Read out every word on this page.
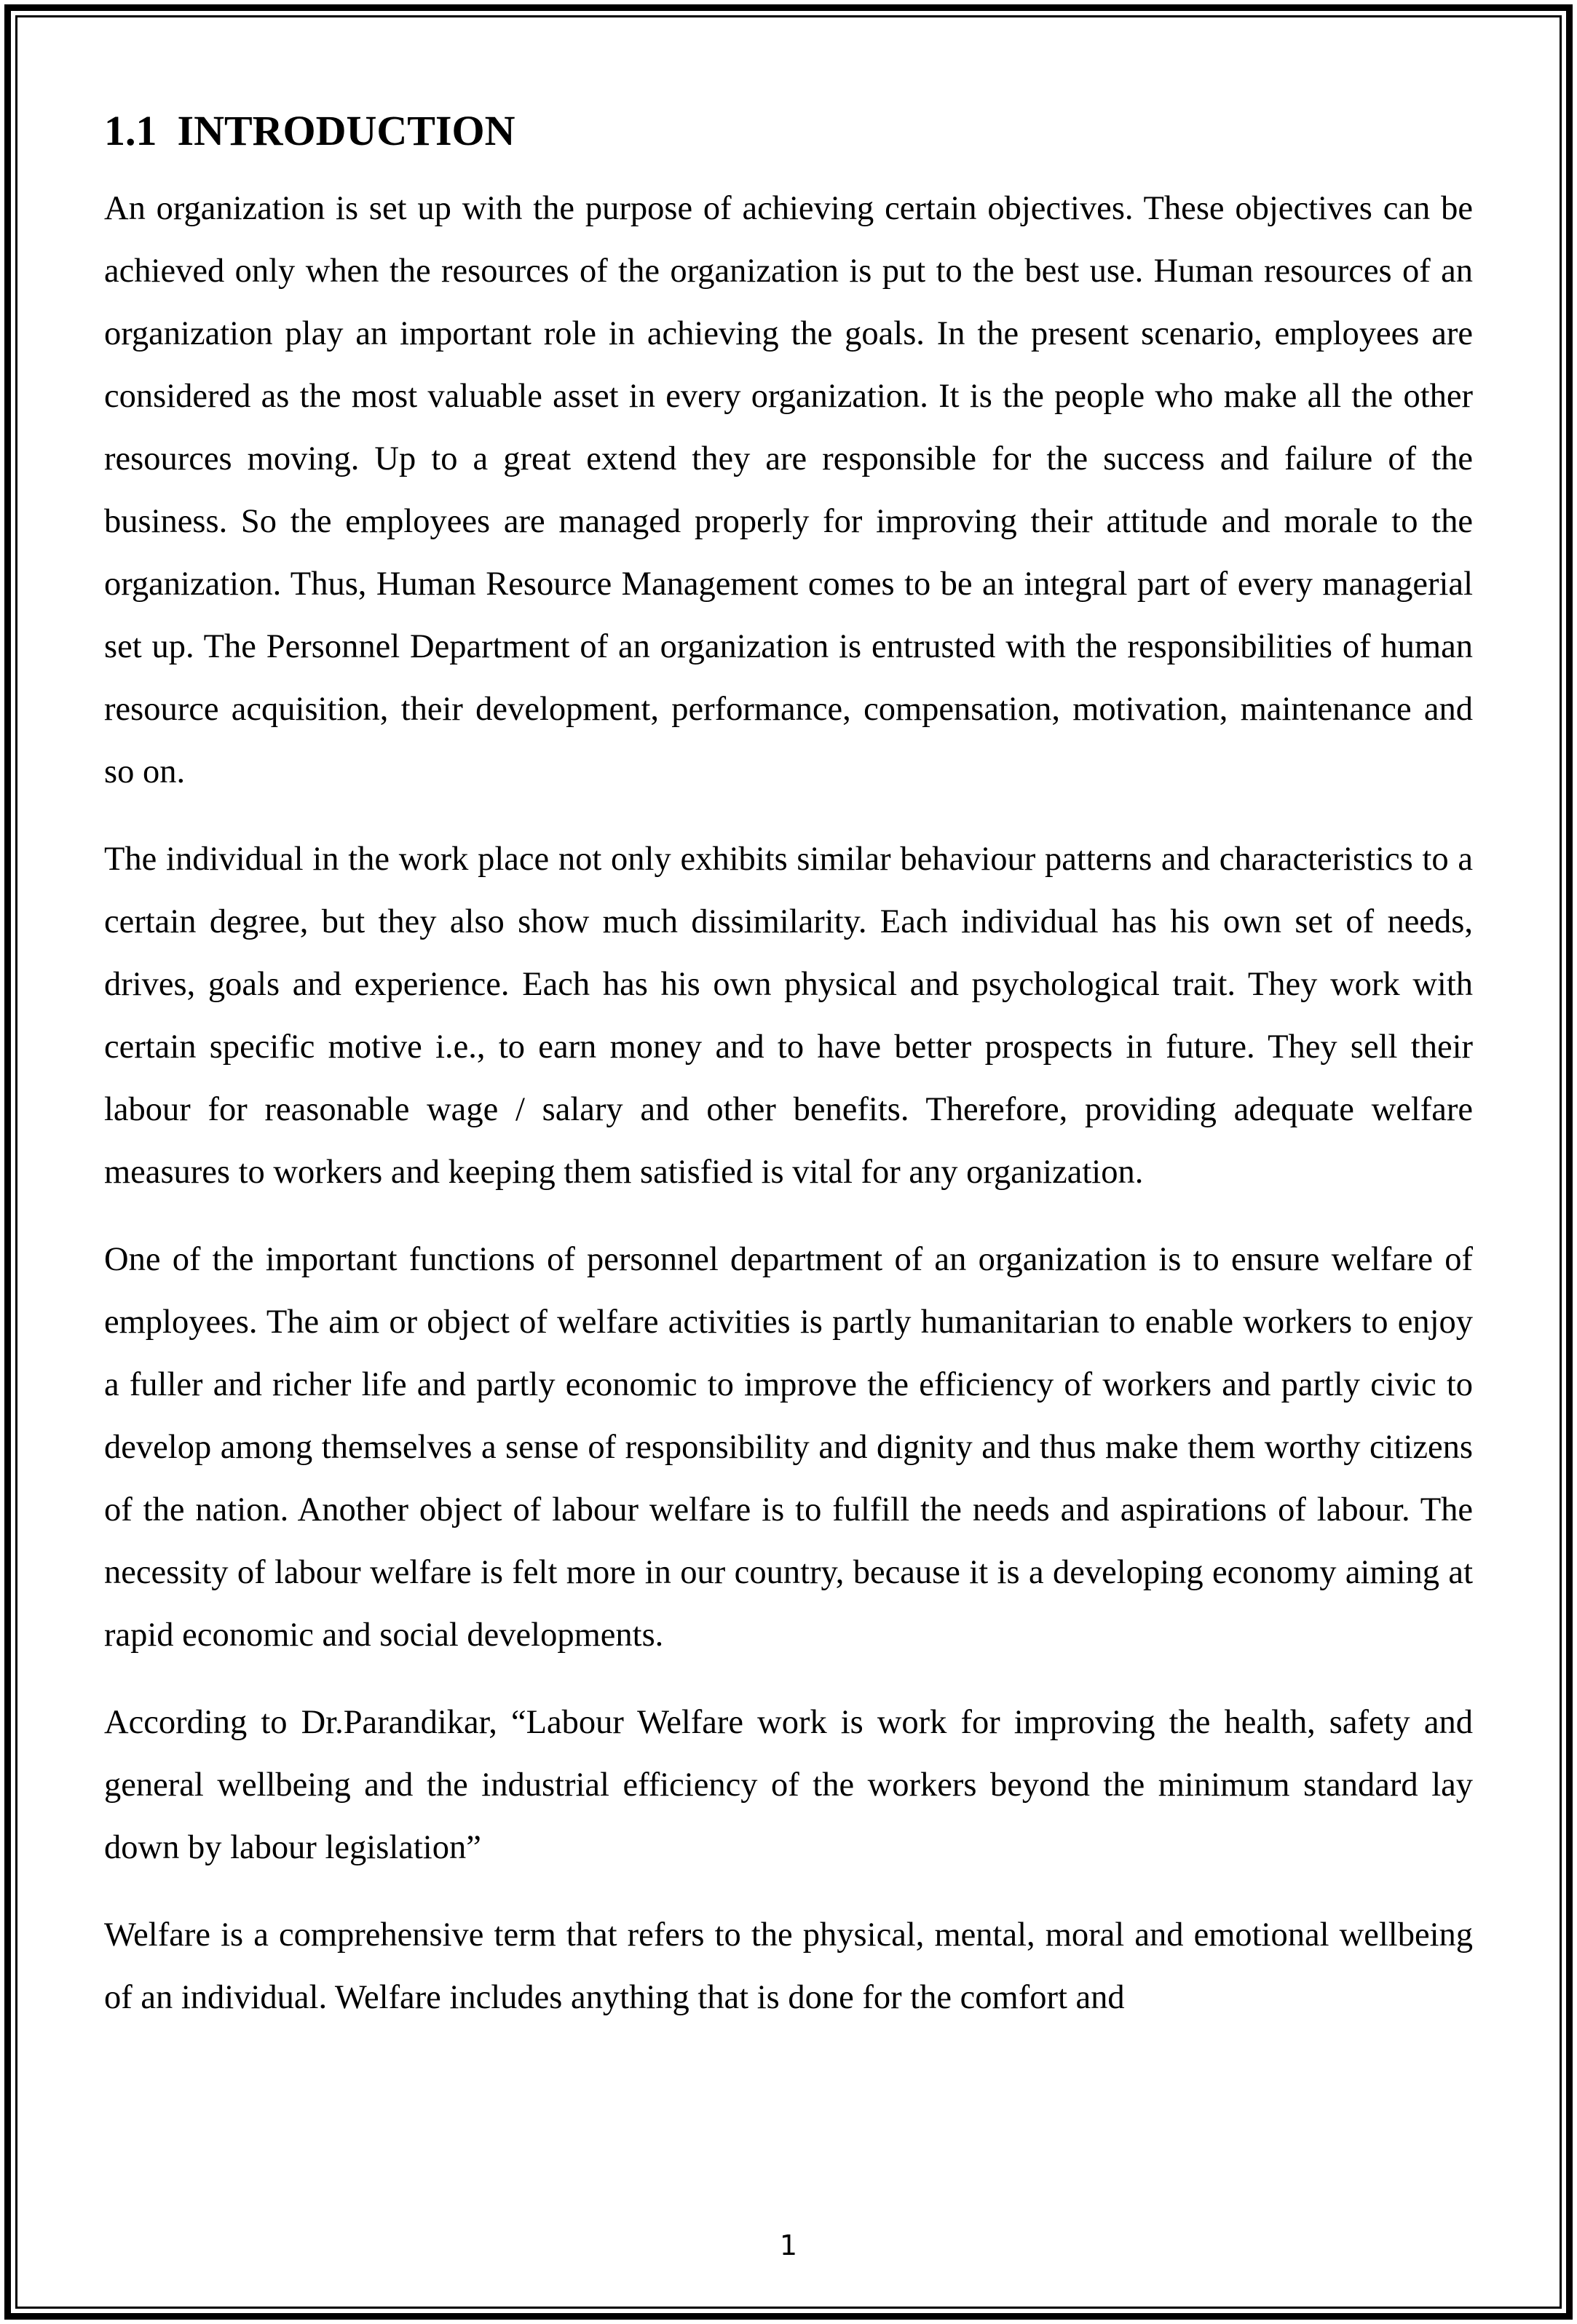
1.1 INTRODUCTION

An organization is set up with the purpose of achieving certain objectives. These objectives can be achieved only when the resources of the organization is put to the best use. Human resources of an organization play an important role in achieving the goals. In the present scenario, employees are considered as the most valuable asset in every organization. It is the people who make all the other resources moving. Up to a great extend they are responsible for the success and failure of the business. So the employees are managed properly for improving their attitude and morale to the organization. Thus, Human Resource Management comes to be an integral part of every managerial set up. The Personnel Department of an organization is entrusted with the responsibilities of human resource acquisition, their development, performance, compensation, motivation, maintenance and so on.

The individual in the work place not only exhibits similar behaviour patterns and characteristics to a certain degree, but they also show much dissimilarity. Each individual has his own set of needs, drives, goals and experience. Each has his own physical and psychological trait. They work with certain specific motive i.e., to earn money and to have better prospects in future. They sell their labour for reasonable wage / salary and other benefits. Therefore, providing adequate welfare measures to workers and keeping them satisfied is vital for any organization.

One of the important functions of personnel department of an organization is to ensure welfare of employees. The aim or object of welfare activities is partly humanitarian to enable workers to enjoy a fuller and richer life and partly economic to improve the efficiency of workers and partly civic to develop among themselves a sense of responsibility and dignity and thus make them worthy citizens of the nation. Another object of labour welfare is to fulfill the needs and aspirations of labour. The necessity of labour welfare is felt more in our country, because it is a developing economy aiming at rapid economic and social developments.

According to Dr.Parandikar, “Labour Welfare work is work for improving the health, safety and general wellbeing and the industrial efficiency of the workers beyond the minimum standard lay down by labour legislation”

Welfare is a comprehensive term that refers to the physical, mental, moral and emotional wellbeing of an individual. Welfare includes anything that is done for the comfort and

1
